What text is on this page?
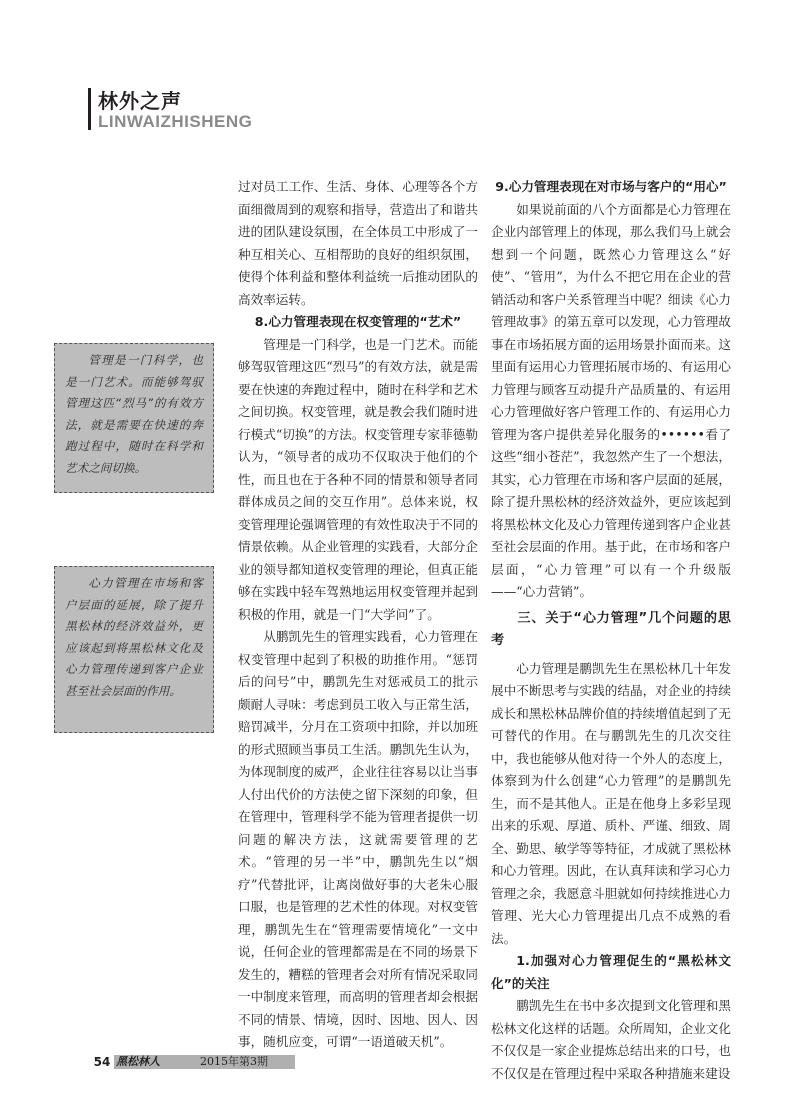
林外之声
LINWAIZHISHENG
管理是一门科学，也是一门艺术。而能够驾驭管理这匹“烈马”的有效方法，就是需要在快速的奔跑过程中，随时在科学和艺术之间切换。
心力管理在市场和客户层面的延展，除了提升黑松林的经济效益外，更应该起到将黑松林文化及心力管理传递到客户企业甚至社会层面的作用。

过对员工工作、生活、身体、心理等各个方面细微周到的观察和指导，营造出了和谐共进的团队建设氛围，在全体员工中形成了一种互相关心、互相帮助的良好的组织氛围，使得个体利益和整体利益统一后推动团队的高效率运转。

8.心力管理表现在权变管理的“艺术”

管理是一门科学，也是一门艺术。而能够驾驭管理这匹“烈马”的有效方法，就是需要在快速的奔跑过程中，随时在科学和艺术之间切换。权变管理，就是教会我们随时进行模式“切换”的方法。权变管理专家菲德勒认为，“领导者的成功不仅取决于他们的个性，而且也在于各种不同的情景和领导者同群体成员之间的交互作用”。总体来说，权变管理理论强调管理的有效性取决于不同的情景依赖。从企业管理的实践看，大部分企业的领导都知道权变管理的理论，但真正能够在实践中轻车驾熟地运用权变管理并起到积极的作用，就是一门“大学问”了。

从鹏凯先生的管理实践看，心力管理在权变管理中起到了积极的助推作用。“惩罚后的问号”中，鹏凯先生对惩戒员工的批示颇耐人寻味：考虑到员工收入与正常生活，赔罚减半，分月在工资项中扣除，并以加班的形式照顾当事员工生活。鹏凯先生认为，为体现制度的威严，企业往往容易以让当事人付出代价的方法使之留下深刻的印象，但在管理中，管理科学不能为管理者提供一切问题的解决方法，这就需要管理的艺术。“管理的另一半”中，鹏凯先生以“烟疗”代替批评，让离岗做好事的大老朱心服口服，也是管理的艺术性的体现。对权变管理，鹏凯先生在“管理需要情境化”一文中说，任何企业的管理都需是在不同的场景下发生的，糟糕的管理者会对所有情况采取同一中制度来管理，而高明的管理者却会根据不同的情景、情境，因时、因地、因人、因事，随机应变，可谓“一语道破天机”。

9.心力管理表现在对市场与客户的“用心”

如果说前面的八个方面都是心力管理在企业内部管理上的体现，那么我们马上就会想到一个问题，既然心力管理这么“好使”、“管用”，为什么不把它用在企业的营销活动和客户关系管理当中呢？细读《心力管理故事》的第五章可以发现，心力管理故事在市场拓展方面的运用场景扑面而来。这里面有运用心力管理拓展市场的、有运用心力管理与顾客互动提升产品质量的、有运用心力管理做好客户管理工作的、有运用心力管理为客户提供差异化服务的••••••看了这些“细小苍茫”，我忽然产生了一个想法，其实，心力管理在市场和客户层面的延展，除了提升黑松林的经济效益外，更应该起到将黑松林文化及心力管理传递到客户企业甚至社会层面的作用。基于此，在市场和客户层面，“心力管理”可以有一个升级版——“心力营销”。

三、关于“心力管理”几个问题的思考

心力管理是鹏凯先生在黑松林几十年发展中不断思考与实践的结晶，对企业的持续成长和黑松林品牌价值的持续增值起到了无可替代的作用。在与鹏凯先生的几次交往中，我也能够从他对待一个外人的态度上，体察到为什么创建“心力管理”的是鹏凯先生，而不是其他人。正是在他身上多彩呈现出来的乐观、厚道、质朴、严谨、细致、周全、勤思、敏学等等特征，才成就了黑松林和心力管理。因此，在认真拜读和学习心力管理之余，我愿意斗胆就如何持续推进心力管理、光大心力管理提出几点不成熟的看法。

1.加强对心力管理促生的“黑松林文化”的关注

鹏凯先生在书中多次提到文化管理和黑松林文化这样的话题。众所周知，企业文化不仅仅是一家企业提炼总结出来的口号，也不仅仅是在管理过程中采取各种措施来建设

54 黑松林人	2015年第3期
